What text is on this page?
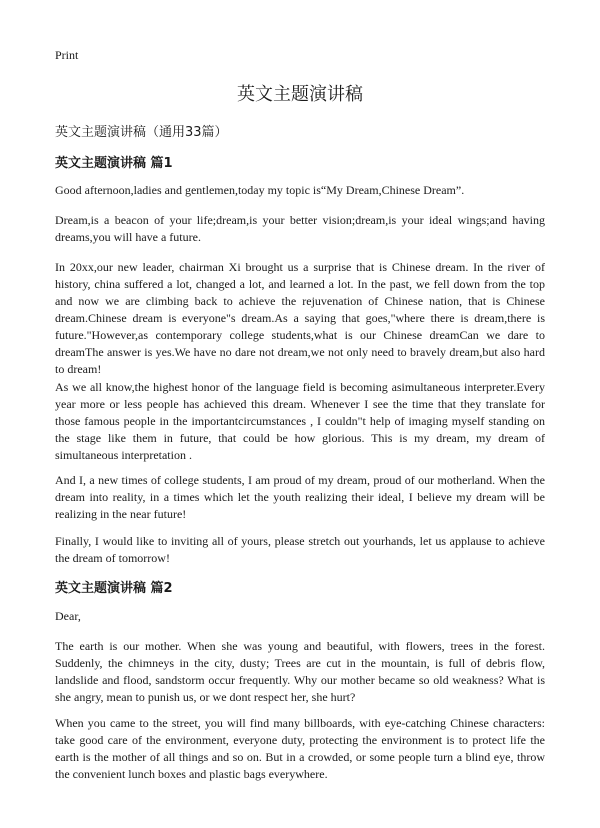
Print
英文主题演讲稿
英文主题演讲稿（通用33篇）
英文主题演讲稿 篇1
Good afternoon,ladies and gentlemen,today my topic is“My Dream,Chinese Dream”.
Dream,is a beacon of your life;dream,is your better vision;dream,is your ideal wings;and having dreams,you will have a future.
In 20xx,our new leader, chairman Xi brought us a surprise that is Chinese dream. In the river of history, china suffered a lot, changed a lot, and learned a lot. In the past, we fell down from the top and now we are climbing back to achieve the rejuvenation of Chinese nation, that is Chinese dream.Chinese dream is everyone"s dream.As a saying that goes,"where there is dream,there is future."However,as contemporary college students,what is our Chinese dreamCan we dare to dreamThe answer is yes.We have no dare not dream,we not only need to bravely dream,but also hard to dream!
As we all know,the highest honor of the language field is becoming asimultaneous interpreter.Every year more or less people has achieved this dream. Whenever I see the time that they translate for those famous people in the importantcircumstances , I couldn"t help of imaging myself standing on the stage like them in future, that could be how glorious. This is my dream, my dream of simultaneous interpretation .
And I, a new times of college students, I am proud of my dream, proud of our motherland. When the dream into reality, in a times which let the youth realizing their ideal, I believe my dream will be realizing in the near future!
Finally, I would like to inviting all of yours, please stretch out yourhands, let us applause to achieve the dream of tomorrow!
英文主题演讲稿 篇2
Dear,
The earth is our mother. When she was young and beautiful, with flowers, trees in the forest. Suddenly, the chimneys in the city, dusty; Trees are cut in the mountain, is full of debris flow, landslide and flood, sandstorm occur frequently. Why our mother became so old weakness? What is she angry, mean to punish us, or we dont respect her, she hurt?
When you came to the street, you will find many billboards, with eye-catching Chinese characters: take good care of the environment, everyone duty, protecting the environment is to protect life the earth is the mother of all things and so on. But in a crowded, or some people turn a blind eye, throw the convenient lunch boxes and plastic bags everywhere.
